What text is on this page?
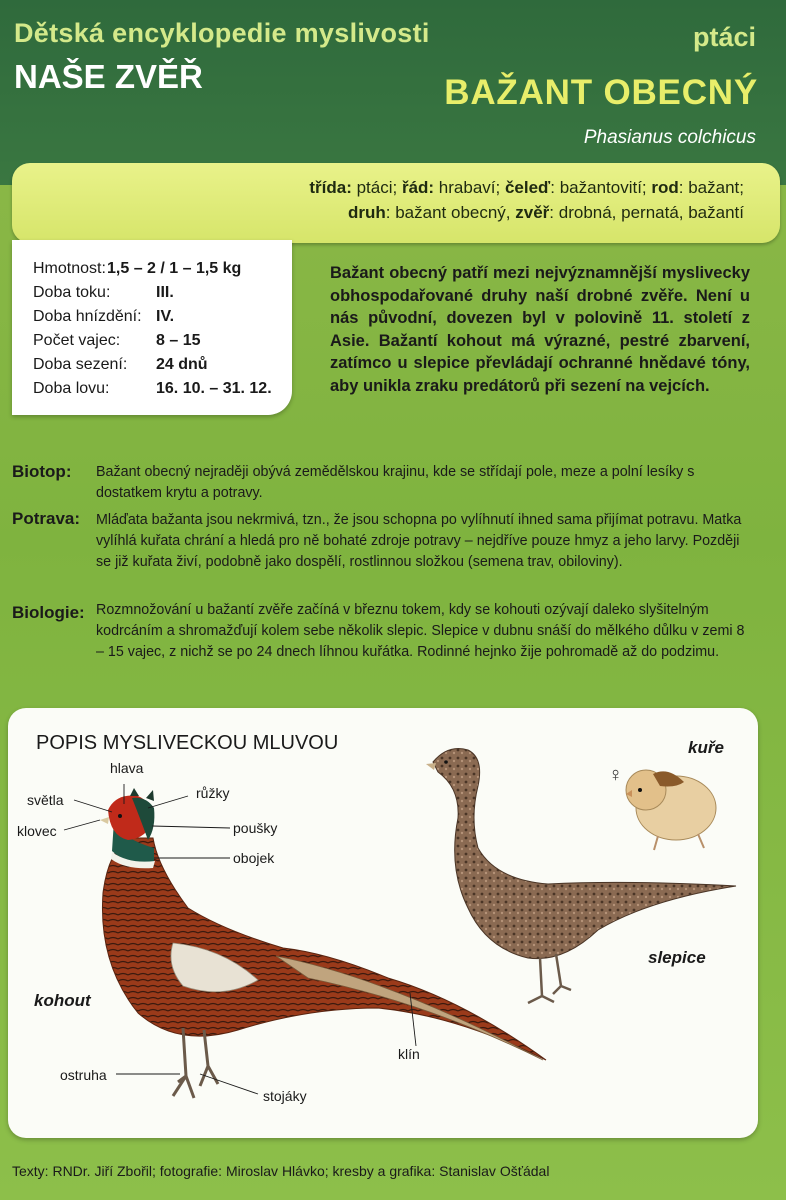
Dětská encyklopedie myslivosti
NAŠE ZVĚŘ
ptáci
BAŽANT OBECNÝ
Phasianus colchicus
třída: ptáci; řád: hrabaví; čeleď: bažantovití; rod: bažant;
druh: bažant obecný, zvěř: drobná, pernatá, bažantí
Hmotnost: 1,5 – 2 / 1 – 1,5 kg
Doba toku:	III.
Doba hnízdění: IV.
Počet vajec: 8 – 15
Doba sezení: 24 dnů
Doba lovu:	16. 10. – 31. 12.
Bažant obecný patří mezi nejvýznamnější myslivecky obhospodařované druhy naší drobné zvěře. Není u nás původní, dovezen byl v polovině 11. století z Asie. Bažantí kohout má výrazné, pestré zbarvení, zatímco u slepice převládají ochranné hnědavé tóny, aby unikla zraku predátorů při sezení na vejcích.
Biotop: Bažant obecný nejraději obývá zemědělskou krajinu, kde se střídají pole, meze a polní lesíky s dostatkem krytu a potravy.
Potrava: Mláďata bažanta jsou nekrmivá, tzn., že jsou schopna po vylíhnutí ihned sama přijímat potravu. Matka vylíhlá kuřata chrání a hledá pro ně bohaté zdroje potravy – nejdříve pouze hmyz a jeho larvy. Později se již kuřata živí, podobně jako dospělí, rostlinnou složkou (semena trav, obiloviny).
Biologie: Rozmnožování u bažantí zvěře začíná v březnu tokem, kdy se kohouti ozývají daleko slyšitelným kodrcáním a shromažďují kolem sebe několik slepic. Slepice v dubnu snáší do mělkého důlku v zemi 8 – 15 vajec, z nichž se po 24 dnech líhnou kuřátka. Rodinné hejnko žije pohromadě až do podzimu.
POPIS MYSLIVECKOU MLUVOU
hlava
světla
klovec
růžky
poušky
obojek
klín
ostruha
stojáky
kohout
slepice
kuře
♀
Texty: RNDr. Jiří Zbořil; fotografie: Miroslav Hlávko; kresby a grafika: Stanislav Ošťádal
